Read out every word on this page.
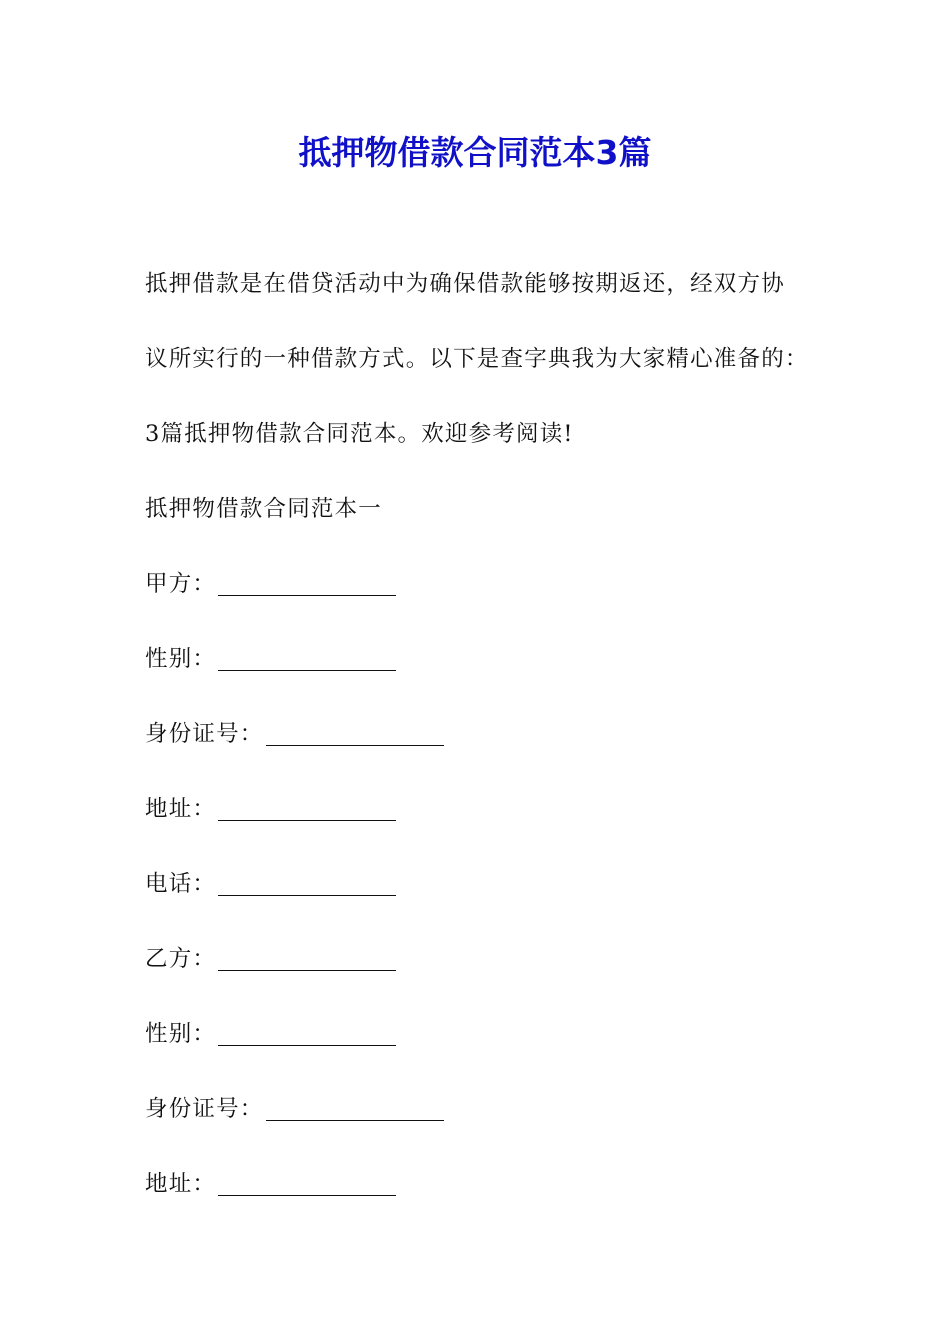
抵押物借款合同范本3篇
抵押借款是在借贷活动中为确保借款能够按期返还，经双方协
议所实行的一种借款方式。以下是查字典我为大家精心准备的：
3篇抵押物借款合同范本。欢迎参考阅读!
抵押物借款合同范本一
甲方：
性别：
身份证号：
地址：
电话：
乙方：
性别：
身份证号：
地址：
